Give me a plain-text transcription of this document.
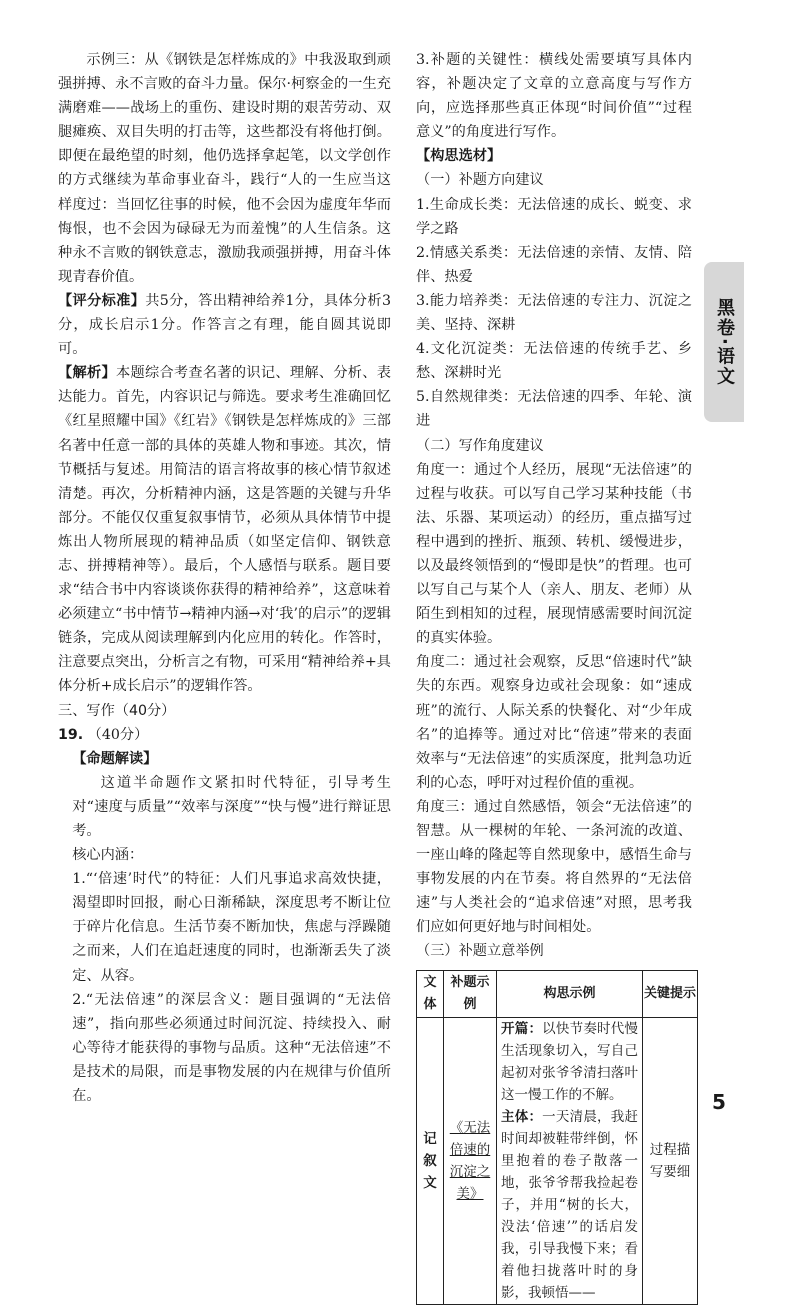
示例三：从《钢铁是怎样炼成的》中我汲取到顽强拼搏、永不言败的奋斗力量。保尔·柯察金的一生充满磨难——战场上的重伤、建设时期的艰苦劳动、双腿瘫痪、双目失明的打击等，这些都没有将他打倒。即便在最绝望的时刻，他仍选择拿起笔，以文学创作的方式继续为革命事业奋斗，践行“人的一生应当这样度过：当回忆往事的时候，他不会因为虚度年华而悔恨，也不会因为碌碌无为而羞愧”的人生信条。这种永不言败的钢铁意志，激励我顽强拼搏，用奋斗体现青春价值。

【评分标准】共5分，答出精神给养1分，具体分析3分，成长启示1分。作答言之有理，能自圆其说即可。

【解析】本题综合考查名著的识记、理解、分析、表达能力。首先，内容识记与筛选。要求考生准确回忆《红星照耀中国》《红岩》《钢铁是怎样炼成的》三部名著中任意一部的具体的英雄人物和事迹。其次，情节概括与复述。用简洁的语言将故事的核心情节叙述清楚。再次，分析精神内涵，这是答题的关键与升华部分。不能仅仅重复叙事情节，必须从具体情节中提炼出人物所展现的精神品质（如坚定信仰、钢铁意志、拼搏精神等）。最后，个人感悟与联系。题目要求“结合书中内容谈谈你获得的精神给养”，这意味着必须建立“书中情节→精神内涵→对‘我’的启示”的逻辑链条，完成从阅读理解到内化应用的转化。作答时，注意要点突出，分析言之有物，可采用“精神给养+具体分析+成长启示”的逻辑作答。

三、写作（40分）

19. （40分）

【命题解读】

这道半命题作文紧扣时代特征，引导考生对“速度与质量”“效率与深度”“快与慢”进行辩证思考。

核心内涵：

1.“‘倍速’时代”的特征：人们凡事追求高效快捷，渴望即时回报，耐心日渐稀缺，深度思考不断让位于碎片化信息。生活节奏不断加快，焦虑与浮躁随之而来，人们在追赶速度的同时，也渐渐丢失了淡定、从容。

2.“无法倍速”的深层含义：题目强调的“无法倍速”，指向那些必须通过时间沉淀、持续投入、耐心等待才能获得的事物与品质。这种“无法倍速”不是技术的局限，而是事物发展的内在规律与价值所在。

3.补题的关键性：横线处需要填写具体内容，补题决定了文章的立意高度与写作方向，应选择那些真正体现“时间价值”“过程意义”的角度进行写作。

【构思选材】

（一）补题方向建议

1.生命成长类：无法倍速的成长、蜕变、求学之路

2.情感关系类：无法倍速的亲情、友情、陪伴、热爱

3.能力培养类：无法倍速的专注力、沉淀之美、坚持、深耕

4.文化沉淀类：无法倍速的传统手艺、乡愁、深耕时光

5.自然规律类：无法倍速的四季、年轮、演进

（二）写作角度建议

角度一：通过个人经历，展现“无法倍速”的过程与收获。可以写自己学习某种技能（书法、乐器、某项运动）的经历，重点描写过程中遇到的挫折、瓶颈、转机、缓慢进步，以及最终领悟到的“慢即是快”的哲理。也可以写自己与某个人（亲人、朋友、老师）从陌生到相知的过程，展现情感需要时间沉淀的真实体验。

角度二：通过社会观察，反思“倍速时代”缺失的东西。观察身边或社会现象：如“速成班”的流行、人际关系的快餐化、对“少年成名”的追捧等。通过对比“倍速”带来的表面效率与“无法倍速”的实质深度，批判急功近利的心态，呼吁对过程价值的重视。

角度三：通过自然感悟，领会“无法倍速”的智慧。从一棵树的年轮、一条河流的改道、一座山峰的隆起等自然现象中，感悟生命与事物发展的内在节奏。将自然界的“无法倍速”与人类社会的“追求倍速”对照，思考我们应如何更好地与时间相处。

（三）补题立意举例

文体	补题示例	构思示例	关键提示
记叙文	《无法倍速的沉淀之美》	开篇：以快节奏时代慢生活现象切入，写自己起初对张爷爷清扫落叶这一慢工作的不解。
主体：一天清晨，我赶时间却被鞋带绊倒，怀里抱着的卷子散落一地，张爷爷帮我捡起卷子，并用“树的长大，没法‘倍速’”的话启发我，引导我慢下来；看着他扫拢落叶时的身影，我顿悟——	过程描写要细
黑卷·语文
5
